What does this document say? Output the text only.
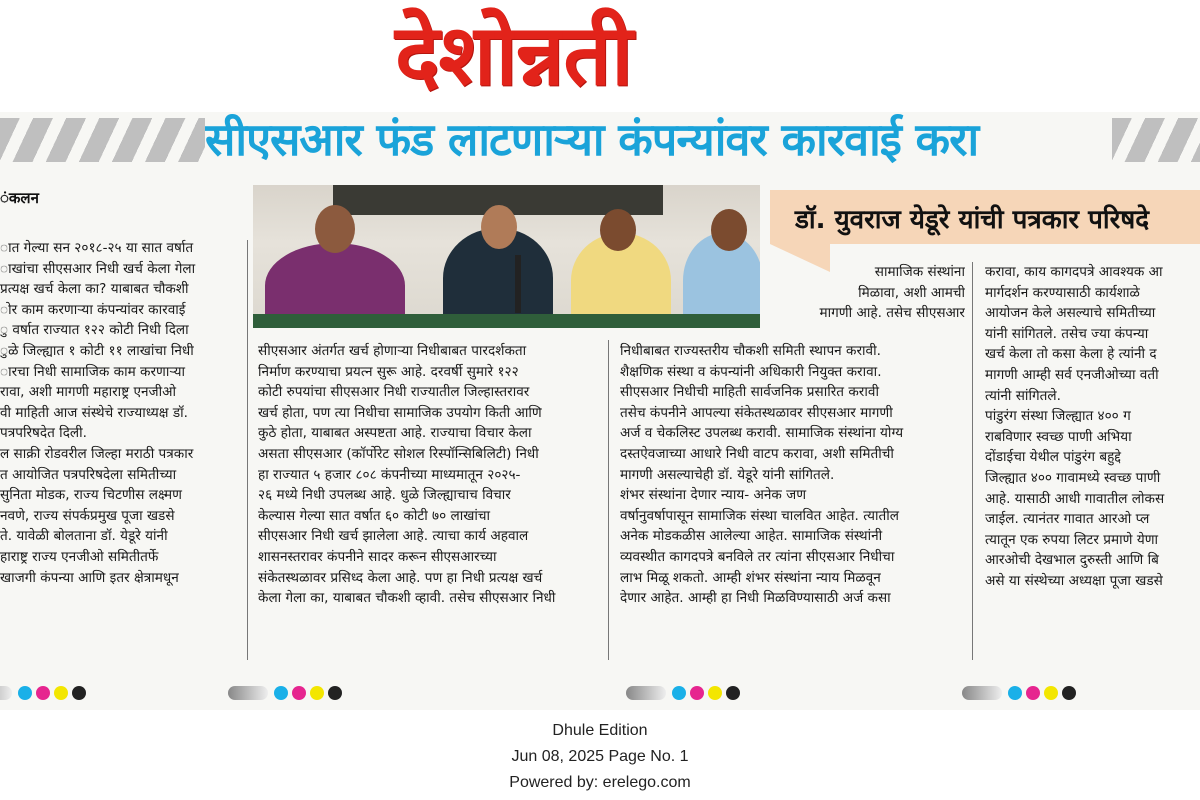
देशोन्नती
सीएसआर फंड लाटणाऱ्या कंपन्यांवर कारवाई करा
ंकलन
डॉ. युवराज येडूरे यांची पत्रकार परिषदे

ात गेल्या सन २०१८-२५ या सात वर्षात

ाखांचा सीएसआर निधी खर्च केला गेला

प्रत्यक्ष खर्च केला का? याबाबत चौकशी

ोर काम करणाऱ्या कंपन्यांवर कारवाई

ु वर्षात राज्यात १२२ कोटी निधी दिला

ुळे जिल्ह्यात १ कोटी ११ लाखांचा निधी

ारचा निधी सामाजिक काम करणाऱ्या

रावा, अशी मागणी महाराष्ट्र एनजीओ

वी माहिती आज संस्थेचे राज्याध्यक्ष डॉ.

पत्रपरिषदेत दिली.

ल साक्री रोडवरील जिल्हा मराठी पत्रकार

त आयोजित पत्रपरिषदेला समितीच्या

सुनिता मोडक, राज्य चिटणीस लक्ष्मण

नवणे, राज्य संपर्कप्रमुख पूजा खडसे

ते. यावेळी बोलताना डॉ. येडूरे यांनी

हाराष्ट्र राज्य एनजीओ समितीतर्फे

खाजगी कंपन्या आणि इतर क्षेत्रामधून

सीएसआर अंतर्गत खर्च होणाऱ्या निधीबाबत पारदर्शकता

निर्माण करण्याचा प्रयत्न सुरू आहे. दरवर्षी सुमारे १२२

कोटी रुपयांचा सीएसआर निधी राज्यातील जिल्हास्तरावर

खर्च होता, पण त्या निधीचा सामाजिक उपयोग किती आणि

कुठे होता, याबाबत अस्पष्टता आहे. राज्याचा विचार केला

असता सीएसआर (कॉर्पोरेट सोशल रिस्पॉन्सिबिलिटी) निधी

हा राज्यात ५ हजार ८०८ कंपनीच्या माध्यमातून २०२५-

२६ मध्ये निधी उपलब्ध आहे. धुळे जिल्ह्याचाच विचार

केल्यास गेल्या सात वर्षात ६० कोटी ७० लाखांचा

सीएसआर निधी खर्च झालेला आहे. त्याचा कार्य अहवाल

शासनस्तरावर कंपनीने सादर करून सीएसआरच्या

संकेतस्थळावर प्रसिध्द केला आहे. पण हा निधी प्रत्यक्ष खर्च

केला गेला का, याबाबत चौकशी व्हावी. तसेच सीएसआर निधी

सामाजिक संस्थांना

मिळावा, अशी आमची

मागणी आहे. तसेच सीएसआर

निधीबाबत राज्यस्तरीय चौकशी समिती स्थापन करावी.

शैक्षणिक संस्था व कंपन्यांनी अधिकारी नियुक्त करावा.

सीएसआर निधीची माहिती सार्वजनिक प्रसारित करावी

तसेच कंपनीने आपल्या संकेतस्थळावर सीएसआर मागणी

अर्ज व चेकलिस्ट उपलब्ध करावी. सामाजिक संस्थांना योग्य

दस्तऐवजाच्या आधारे निधी वाटप करावा, अशी समितीची

मागणी असल्याचेही डॉ. येडूरे यांनी सांगितले.

शंभर संस्थांना देणार न्याय- अनेक जण

वर्षानुवर्षापासून सामाजिक संस्था चालवित आहेत. त्यातील

अनेक मोडकळीस आलेल्या आहेत. सामाजिक संस्थांनी

व्यवस्थीत कागदपत्रे बनविले तर त्यांना सीएसआर निधीचा

लाभ मिळू शकतो. आम्ही शंभर संस्थांना न्याय मिळवून

देणार आहेत. आम्ही हा निधी मिळविण्यासाठी अर्ज कसा

करावा, काय कागदपत्रे आवश्यक आ

मार्गदर्शन करण्यासाठी कार्यशाळे

आयोजन केले असल्याचे समितीच्या

यांनी सांगितले. तसेच ज्या कंपन्या

खर्च केला तो कसा केला हे त्यांनी द

मागणी आम्ही सर्व एनजीओच्या वती

त्यांनी सांगितले.

पांडुरंग संस्था जिल्ह्यात ४०० ग

राबविणार स्वच्छ पाणी अभिया

दोंडाईचा येथील पांडुरंग बहुद्दे

जिल्ह्यात ४०० गावामध्ये स्वच्छ पाणी

आहे. यासाठी आधी गावातील लोकस

जाईल. त्यानंतर गावात आरओ प्ल

त्यातून एक रुपया लिटर प्रमाणे येणा

आरओची देखभाल दुरुस्ती आणि बि

असे या संस्थेच्या अध्यक्षा पूजा खडसे

Dhule Edition
Jun 08, 2025 Page No. 1
Powered by: erelego.com
